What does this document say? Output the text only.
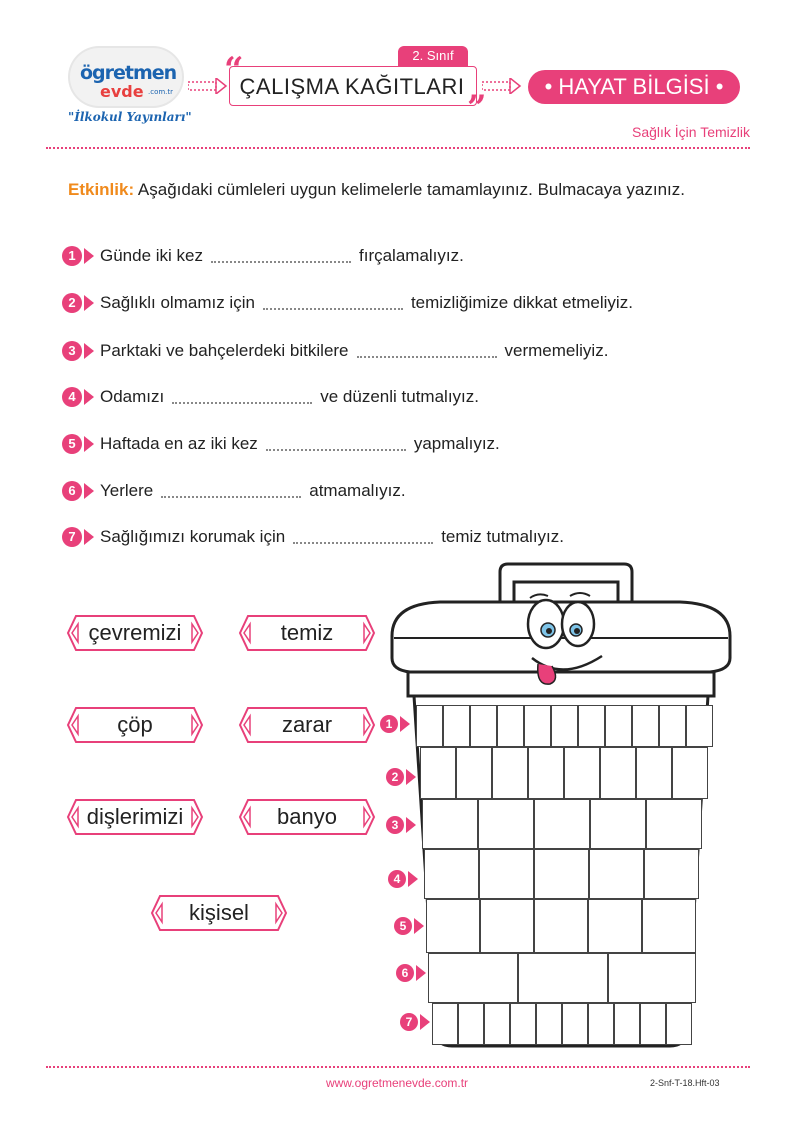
ögretmen
evde .com.tr
"İlkokul Yayınları"
“	2. Sınıf
ÇALIŞMA KAĞITLARI
”
• HAYAT BİLGİSİ •
Sağlık İçin Temizlik
Etkinlik: Aşağıdaki cümleleri uygun kelimelerle tamamlayınız. Bulmacaya yazınız.
1	Günde iki kez	fırçalamalıyız.
2	Sağlıklı olmamız için	temizliğimize dikkat etmeliyiz.
3	Parktaki ve bahçelerdeki bitkilere	vermemeliyiz.
4	Odamızı	ve düzenli tutmalıyız.
5	Haftada en az iki kez	yapmalıyız.
6	Yerlere	atmamalıyız.
7	Sağlığımızı korumak için	temiz tutmalıyız.
çevremizi	temiz
çöp	zarar
dişlerimizi	banyo
kişisel
1
2
3
4
5
6
7
www.ogretmenevde.com.tr	2-Snf-T-18.Hft-03
